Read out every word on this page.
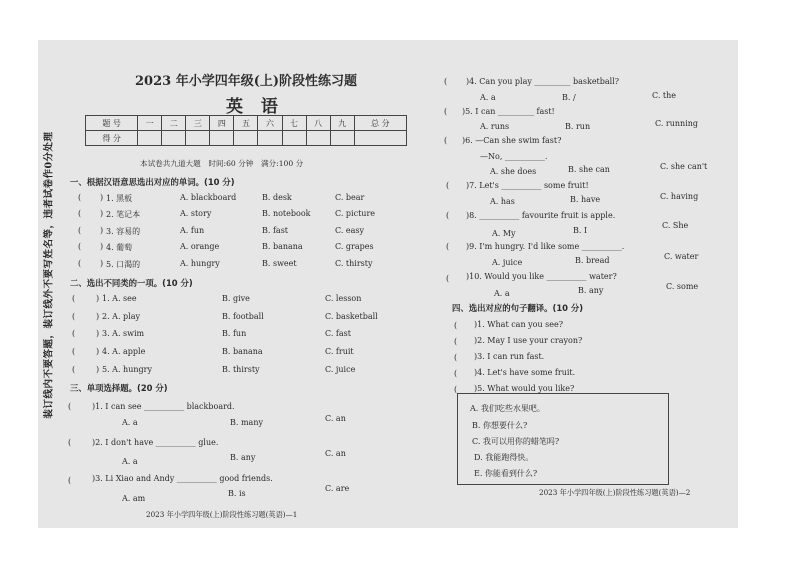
装订线内不要答题，装订线外不要写姓名等，违者试卷作0分处理
2023 年小学四年级(上)阶段性练习题
英 语
题 号	一	二	三	四	五	六	七	八	九	总 分
得 分										
本试卷共九道大题　时间:60 分钟　满分:100 分
一、根据汉语意思选出对应的单词。(10 分)
( ) 1. 黑板	A. blackboard	B. desk	C. bear
( ) 2. 笔记本	A. story	B. notebook	C. picture
( ) 3. 容易的	A. fun	B. fast	C. easy
( ) 4. 葡萄	A. orange	B. banana	C. grapes
( ) 5. 口渴的	A. hungry	B. sweet	C. thirsty
二、选出不同类的一项。(10 分)
(	) 1. A. see	B. give	C. lesson
(	) 2. A. play	B. football	C. basketball
(	) 3. A. swim	B. fun	C. fast
(	) 4. A. apple	B. banana	C. fruit
(	) 5. A. hungry	B. thirsty	C. juice
三、单项选择题。(20 分)
(	)1. I can see __________ blackboard.
A. a	B. many	C. an
(	)2. I don't have __________ glue.
A. a	B. any	C. an
(	)3. Li Xiao and Andy __________ good friends.
A. am
B. is
C. are
2023 年小学四年级(上)阶段性练习题(英语)—1
( )4. Can you play _________ basketball?
A. a	B. /	C. the
( )5. I can _________ fast!
A. runs	B. run	C. running
( )6. —Can she swim fast?
—No, __________.
A. she does	B. she can	C. she can't
( )7. Let's __________ some fruit!
A. has	B. have	C. having
( )8. __________ favourite fruit is apple.
A. My	B. I
C. She
( )9. I'm hungry. I'd like some __________.
A. juice	B. bread	C. water
( )10. Would you like __________ water?
A. a	B. any	C. some
四、选出对应的句子翻译。(10 分)
( )1. What can you see?
( )2. May I use your crayon?
( )3. I can run fast.
( )4. Let's have some fruit.
( )5. What would you like?
A. 我们吃些水果吧。
B. 你想要什么?
C. 我可以用你的蜡笔吗?
D. 我能跑得快。
E. 你能看到什么?
2023 年小学四年级(上)阶段性练习题(英语)—2
